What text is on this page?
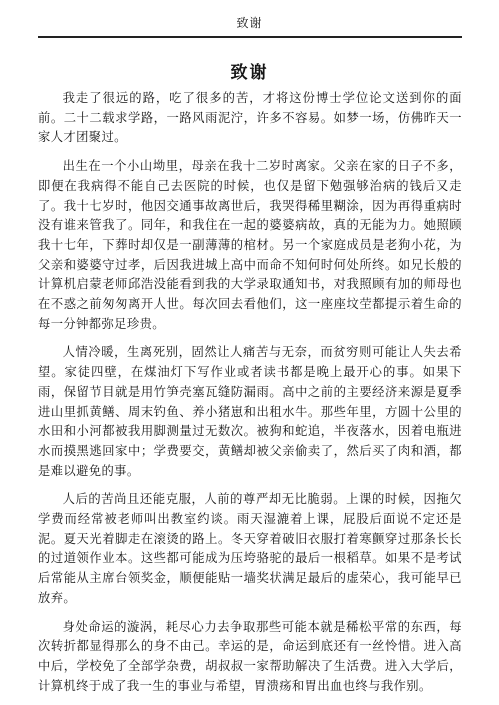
致谢
致谢

我走了很远的路，吃了很多的苦，才将这份博士学位论文送到你的面前。二十二载求学路，一路风雨泥泞，许多不容易。如梦一场，仿佛昨天一家人才团聚过。

出生在一个小山坳里，母亲在我十二岁时离家。父亲在家的日子不多，即便在我病得不能自己去医院的时候，也仅是留下勉强够治病的钱后又走了。我十七岁时，他因交通事故离世后，我哭得稀里糊涂，因为再得重病时没有谁来管我了。同年，和我住在一起的婆婆病故，真的无能为力。她照顾我十七年，下葬时却仅是一副薄薄的棺材。另一个家庭成员是老狗小花，为父亲和婆婆守过孝，后因我进城上高中而命不知何时何处所终。如兄长般的计算机启蒙老师邱浩没能看到我的大学录取通知书，对我照顾有加的师母也在不惑之前匆匆离开人世。每次回去看他们，这一座座坟茔都提示着生命的每一分钟都弥足珍贵。

人情冷暖，生离死别，固然让人痛苦与无奈，而贫穷则可能让人失去希望。家徒四壁，在煤油灯下写作业或者读书都是晚上最开心的事。如果下雨，保留节目就是用竹笋壳塞瓦缝防漏雨。高中之前的主要经济来源是夏季进山里抓黄鳝、周末钓鱼、养小猪崽和出租水牛。那些年里，方圆十公里的水田和小河都被我用脚测量过无数次。被狗和蛇追，半夜落水，因着电瓶进水而摸黑逃回家中；学费要交，黄鳝却被父亲偷卖了，然后买了肉和酒，都是难以避免的事。

人后的苦尚且还能克服，人前的尊严却无比脆弱。上课的时候，因拖欠学费而经常被老师叫出教室约谈。雨天湿漉着上课，屁股后面说不定还是泥。夏天光着脚走在滚烫的路上。冬天穿着破旧衣服打着寒颤穿过那条长长的过道领作业本。这些都可能成为压垮骆驼的最后一根稻草。如果不是考试后常能从主席台领奖金，顺便能贴一墙奖状满足最后的虚荣心，我可能早已放弃。

身处命运的漩涡，耗尽心力去争取那些可能本就是稀松平常的东西，每次转折都显得那么的身不由己。幸运的是，命运到底还有一丝怜惜。进入高中后，学校免了全部学杂费，胡叔叔一家帮助解决了生活费。进入大学后，计算机终于成了我一生的事业与希望，胃溃疡和胃出血也终与我作别。
